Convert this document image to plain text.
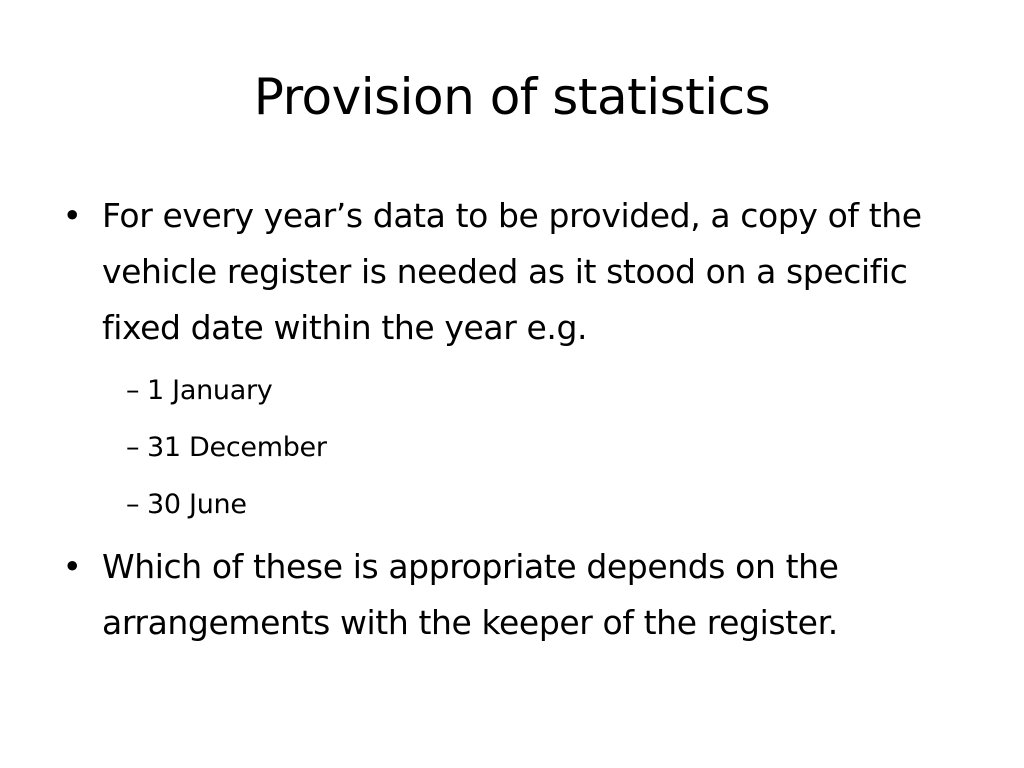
Provision of statistics
• For every year’s data to be provided, a copy of the vehicle register is needed as it stood on a specific fixed date within the year e.g.
– 1 January
– 31 December
– 30 June
• Which of these is appropriate depends on the arrangements with the keeper of the register.
